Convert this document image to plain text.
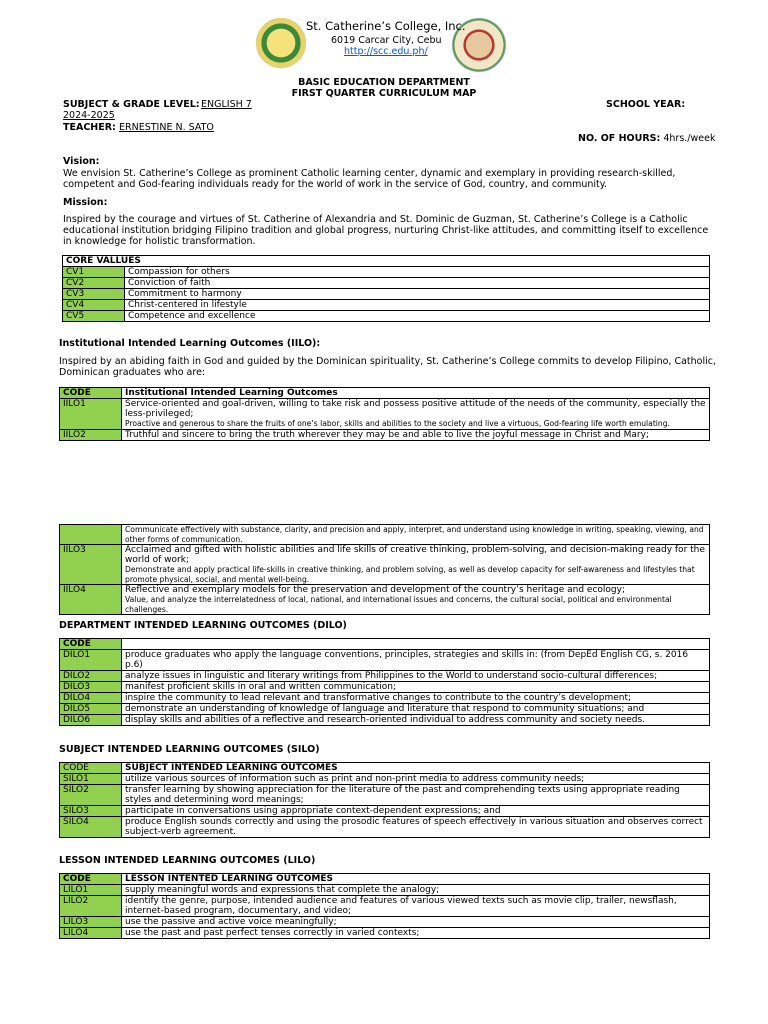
St. Catherine’s College, Inc.
6019 Carcar City, Cebu
http://scc.edu.ph/
BASIC EDUCATION DEPARTMENT
FIRST QUARTER CURRICULUM MAP
SUBJECT & GRADE LEVEL: ENGLISH 7	SCHOOL YEAR:
2024-2025
TEACHER: ERNESTINE N. SATO
NO. OF HOURS: 4hrs./week
Vision:
We envision St. Catherine’s College as prominent Catholic learning center, dynamic and exemplary in providing research-skilled, competent and God-fearing individuals ready for the world of work in the service of God, country, and community.
Mission:
Inspired by the courage and virtues of St. Catherine of Alexandria and St. Dominic de Guzman, St. Catherine’s College is a Catholic educational institution bridging Filipino tradition and global progress, nurturing Christ-like attitudes, and committing itself to excellence in knowledge for holistic transformation.
CORE VALLUES	
CV1	Compassion for others
CV2	Conviction of faith
CV3	Commitment to harmony
CV4	Christ-centered in lifestyle
CV5	Competence and excellence
Institutional Intended Learning Outcomes (IILO):
Inspired by an abiding faith in God and guided by the Dominican spirituality, St. Catherine’s College commits to develop Filipino, Catholic, Dominican graduates who are:
CODE	Institutional Intended Learning Outcomes
IILO1	Service-oriented and goal-driven, willing to take risk and possess positive attitude of the needs of the community, especially the less-privileged;
Proactive and generous to share the fruits of one’s labor, skills and abilities to the society and live a virtuous, God-fearing life worth emulating.

IILO2	Truthful and sincere to bring the truth wherever they may be and able to live the joyful message in Christ and Mary;
	Communicate effectively with substance, clarity, and precision and apply, interpret, and understand using knowledge in writing, speaking, viewing, and other forms of communication.
IILO3	Acclaimed and gifted with holistic abilities and life skills of creative thinking, problem-solving, and decision-making ready for the world of work;
Demonstrate and apply practical life-skills in creative thinking, and problem solving, as well as develop capacity for self-awareness and lifestyles that promote physical, social, and mental well-being.

IILO4	Reflective and exemplary models for the preservation and development of the country’s heritage and ecology;
Value, and analyze the interrelatedness of local, national, and international issues and concerns, the cultural social, political and environmental challenges.
DEPARTMENT INTENDED LEARNING OUTCOMES (DILO)
CODE	
DILO1	produce graduates who apply the language conventions, principles, strategies and skills in: (from DepEd English CG, s. 2016 p.6)
DILO2	analyze issues in linguistic and literary writings from Philippines to the World to understand socio-cultural differences;
DILO3	manifest proficient skills in oral and written communication;
DILO4	inspire the community to lead relevant and transformative changes to contribute to the country’s development;
DILO5	demonstrate an understanding of knowledge of language and literature that respond to community situations; and
DILO6	display skills and abilities of a reflective and research-oriented individual to address community and society needs.
SUBJECT INTENDED LEARNING OUTCOMES (SILO)
CODE	SUBJECT INTENDED LEARNING OUTCOMES
SILO1	utilize various sources of information such as print and non-print media to address community needs;
SILO2	transfer learning by showing appreciation for the literature of the past and comprehending texts using appropriate reading styles and determining word meanings;
SILO3	participate in conversations using appropriate context-dependent expressions; and
SILO4	produce English sounds correctly and using the prosodic features of speech effectively in various situation and observes correct subject-verb agreement.
LESSON INTENDED LEARNING OUTCOMES (LILO)
CODE	LESSON INTENTED LEARNING OUTCOMES
LILO1	supply meaningful words and expressions that complete the analogy;
LILO2	identify the genre, purpose, intended audience and features of various viewed texts such as movie clip, trailer, newsflash, internet-based program, documentary, and video;
LILO3	use the passive and active voice meaningfully;
LILO4	use the past and past perfect tenses correctly in varied contexts;
